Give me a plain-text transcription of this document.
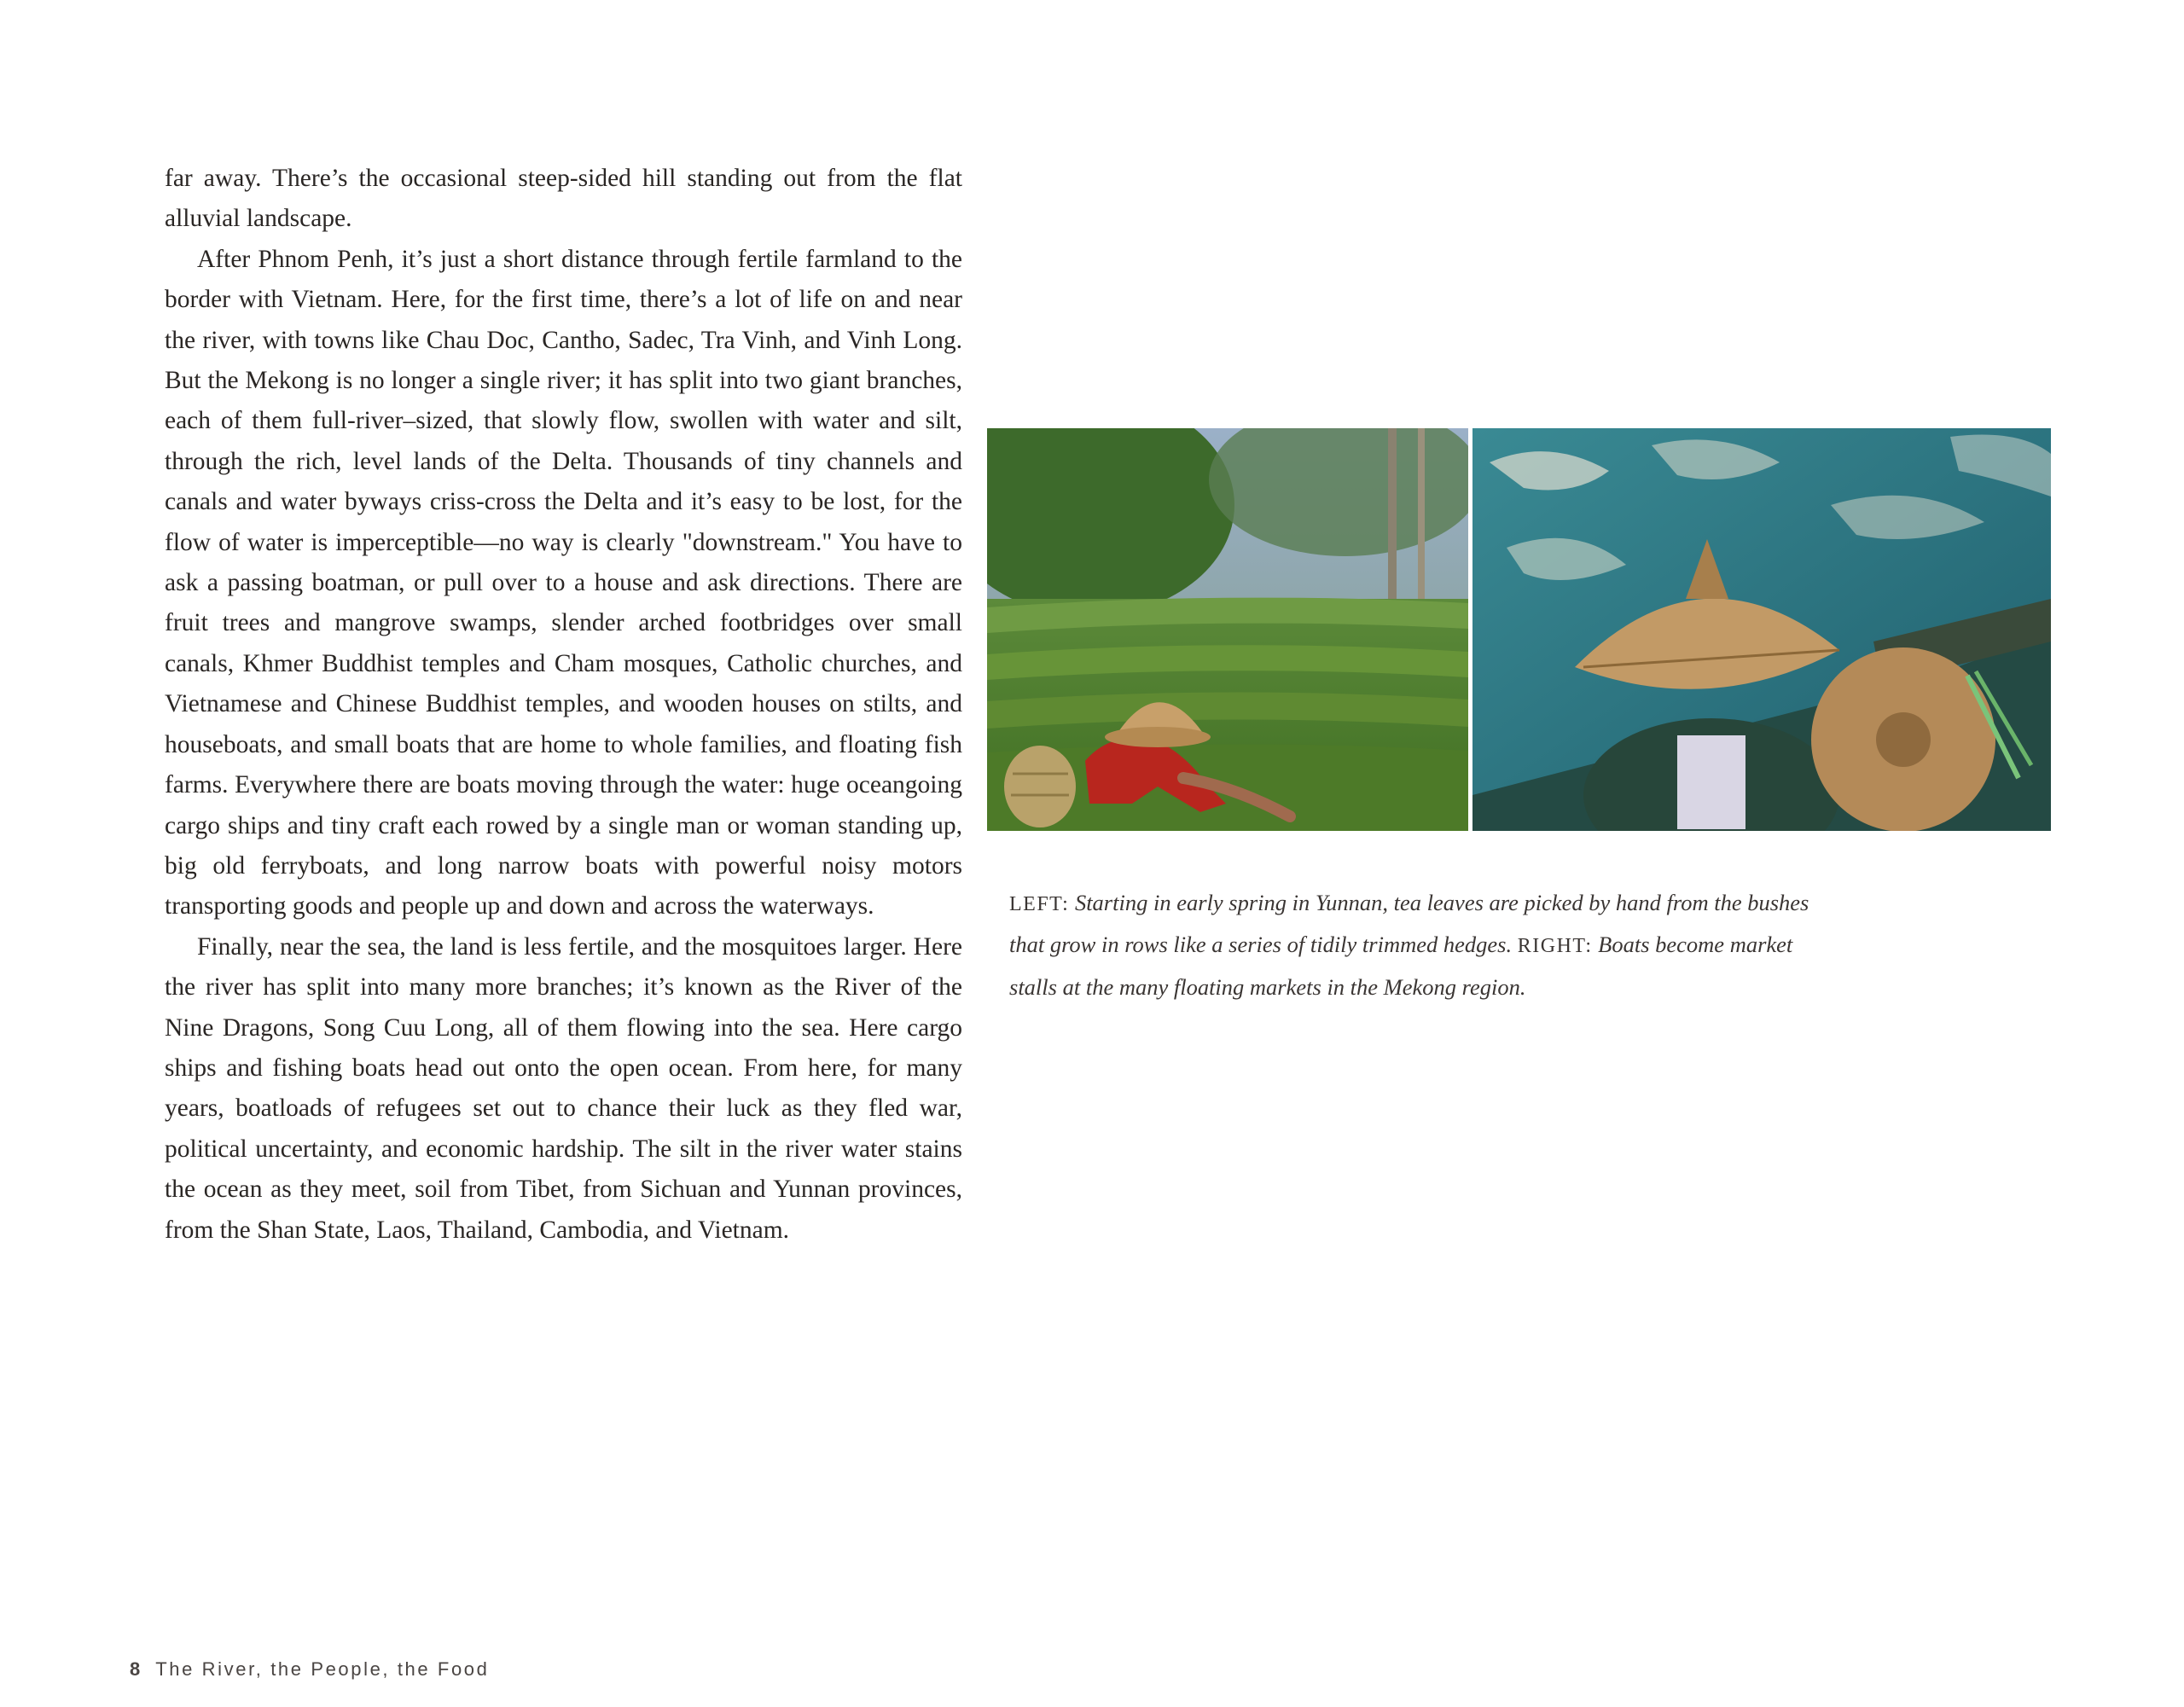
far away. There’s the occasional steep-sided hill standing out from the flat alluvial landscape.

After Phnom Penh, it’s just a short distance through fertile farmland to the border with Vietnam. Here, for the first time, there’s a lot of life on and near the river, with towns like Chau Doc, Cantho, Sadec, Tra Vinh, and Vinh Long. But the Mekong is no longer a single river; it has split into two giant branches, each of them full-river–sized, that slowly flow, swollen with water and silt, through the rich, level lands of the Delta. Thousands of tiny channels and canals and water byways criss-cross the Delta and it’s easy to be lost, for the flow of water is imperceptible—no way is clearly "downstream." You have to ask a passing boatman, or pull over to a house and ask directions. There are fruit trees and mangrove swamps, slender arched footbridges over small canals, Khmer Buddhist temples and Cham mosques, Catholic churches, and Vietnamese and Chinese Buddhist temples, and wooden houses on stilts, and houseboats, and small boats that are home to whole families, and floating fish farms. Everywhere there are boats moving through the water: huge oceangoing cargo ships and tiny craft each rowed by a single man or woman standing up, big old ferryboats, and long narrow boats with powerful noisy motors transporting goods and people up and down and across the waterways.

Finally, near the sea, the land is less fertile, and the mosquitoes larger. Here the river has split into many more branches; it’s known as the River of the Nine Dragons, Song Cuu Long, all of them flowing into the sea. Here cargo ships and fishing boats head out onto the open ocean. From here, for many years, boatloads of refugees set out to chance their luck as they fled war, political uncertainty, and economic hardship. The silt in the river water stains the ocean as they meet, soil from Tibet, from Sichuan and Yunnan provinces, from the Shan State, Laos, Thailand, Cambodia, and Vietnam.

LEFT: Starting in early spring in Yunnan, tea leaves are picked by hand from the bushes that grow in rows like a series of tidily trimmed hedges. RIGHT: Boats become market stalls at the many floating markets in the Mekong region.

8 The River, the People, the Food
